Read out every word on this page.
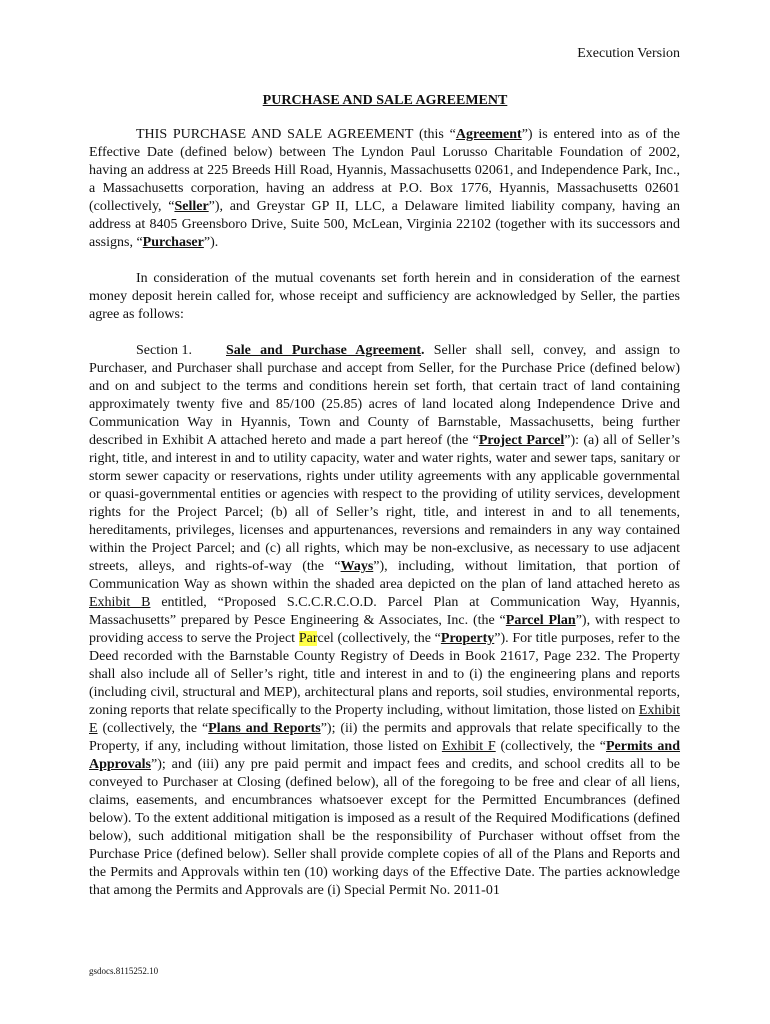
Execution Version
PURCHASE AND SALE AGREEMENT

THIS PURCHASE AND SALE AGREEMENT (this “Agreement”) is entered into as of the Effective Date (defined below) between The Lyndon Paul Lorusso Charitable Foundation of 2002, having an address at 225 Breeds Hill Road, Hyannis, Massachusetts 02061, and Independence Park, Inc., a Massachusetts corporation, having an address at P.O. Box 1776, Hyannis, Massachusetts 02601 (collectively, “Seller”), and Greystar GP II, LLC, a Delaware limited liability company, having an address at 8405 Greensboro Drive, Suite 500, McLean, Virginia 22102 (together with its successors and assigns, “Purchaser”).

In consideration of the mutual covenants set forth herein and in consideration of the earnest money deposit herein called for, whose receipt and sufficiency are acknowledged by Seller, the parties agree as follows:

Section 1. Sale and Purchase Agreement. Seller shall sell, convey, and assign to Purchaser, and Purchaser shall purchase and accept from Seller, for the Purchase Price (defined below) and on and subject to the terms and conditions herein set forth, that certain tract of land containing approximately twenty five and 85/100 (25.85) acres of land located along Independence Drive and Communication Way in Hyannis, Town and County of Barnstable, Massachusetts, being further described in Exhibit A attached hereto and made a part hereof (the “Project Parcel”): (a) all of Seller’s right, title, and interest in and to utility capacity, water and water rights, water and sewer taps, sanitary or storm sewer capacity or reservations, rights under utility agreements with any applicable governmental or quasi-governmental entities or agencies with respect to the providing of utility services, development rights for the Project Parcel; (b) all of Seller’s right, title, and interest in and to all tenements, hereditaments, privileges, licenses and appurtenances, reversions and remainders in any way contained within the Project Parcel; and (c) all rights, which may be non-exclusive, as necessary to use adjacent streets, alleys, and rights-of-way (the “Ways”), including, without limitation, that portion of Communication Way as shown within the shaded area depicted on the plan of land attached hereto as Exhibit B entitled, “Proposed S.C.C.R.C.O.D. Parcel Plan at Communication Way, Hyannis, Massachusetts” prepared by Pesce Engineering & Associates, Inc. (the “Parcel Plan”), with respect to providing access to serve the Project Parcel (collectively, the “Property”). For title purposes, refer to the Deed recorded with the Barnstable County Registry of Deeds in Book 21617, Page 232. The Property shall also include all of Seller’s right, title and interest in and to (i) the engineering plans and reports (including civil, structural and MEP), architectural plans and reports, soil studies, environmental reports, zoning reports that relate specifically to the Property including, without limitation, those listed on Exhibit E (collectively, the “Plans and Reports”); (ii) the permits and approvals that relate specifically to the Property, if any, including without limitation, those listed on Exhibit F (collectively, the “Permits and Approvals”); and (iii) any pre paid permit and impact fees and credits, and school credits all to be conveyed to Purchaser at Closing (defined below), all of the foregoing to be free and clear of all liens, claims, easements, and encumbrances whatsoever except for the Permitted Encumbrances (defined below). To the extent additional mitigation is imposed as a result of the Required Modifications (defined below), such additional mitigation shall be the responsibility of Purchaser without offset from the Purchase Price (defined below). Seller shall provide complete copies of all of the Plans and Reports and the Permits and Approvals within ten (10) working days of the Effective Date. The parties acknowledge that among the Permits and Approvals are (i) Special Permit No. 2011-01

gsdocs.8115252.10
